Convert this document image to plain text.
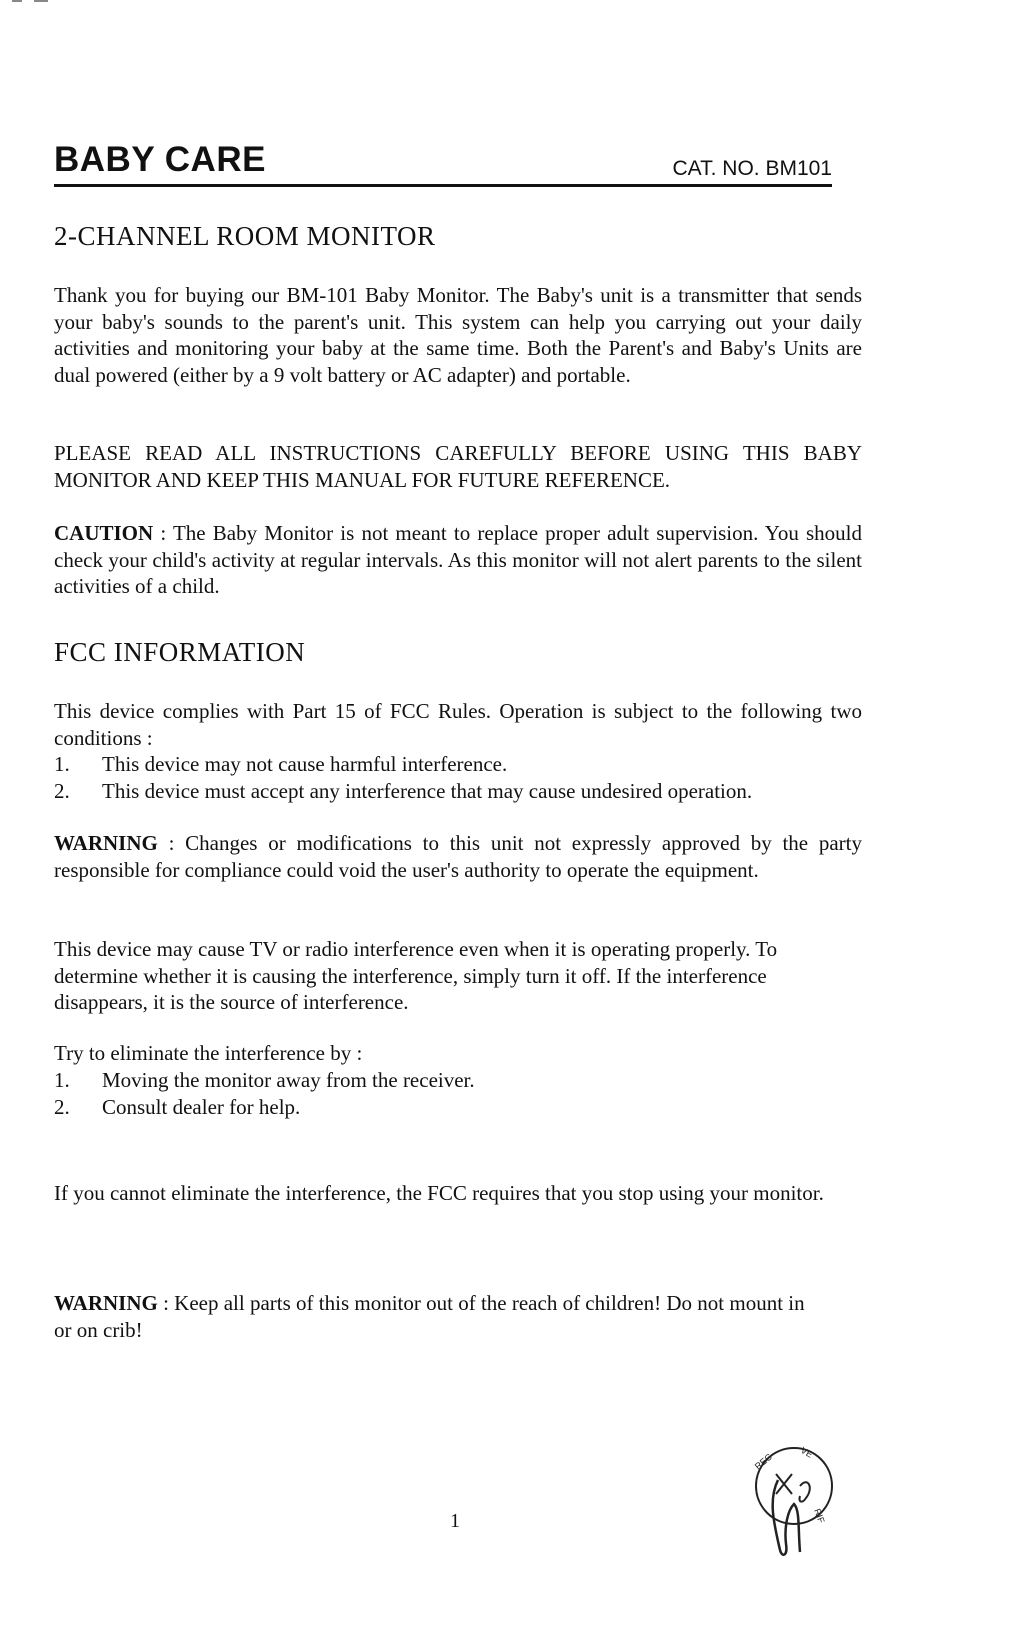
BABY CARE	CAT. NO. BM101
2-CHANNEL ROOM MONITOR
Thank you for buying our BM-101 Baby Monitor. The Baby's unit is a transmitter that sends your baby's sounds to the parent's unit. This system can help you carrying out your daily activities and monitoring your baby at the same time. Both the Parent's and Baby's Units are dual powered (either by a 9 volt battery or AC adapter) and portable.
PLEASE READ ALL INSTRUCTIONS CAREFULLY BEFORE USING THIS BABY MONITOR AND KEEP THIS MANUAL FOR FUTURE REFERENCE.
CAUTION : The Baby Monitor is not meant to replace proper adult supervision. You should check your child's activity at regular intervals. As this monitor will not alert parents to the silent activities of a child.
FCC INFORMATION
This device complies with Part 15 of FCC Rules. Operation is subject to the following two conditions :
1. This device may not cause harmful interference.
2. This device must accept any interference that may cause undesired operation.
WARNING : Changes or modifications to this unit not expressly approved by the party responsible for compliance could void the user's authority to operate the equipment.
This device may cause TV or radio interference even when it is operating properly. To determine whether it is causing the interference, simply turn it off. If the interference disappears, it is the source of interference.
Try to eliminate the interference by :
1. Moving the monitor away from the receiver.
2. Consult dealer for help.
If you cannot eliminate the interference, the FCC requires that you stop using your monitor.
WARNING : Keep all parts of this monitor out of the reach of children! Do not mount in or on crib!
1
REC	VE
RIF
